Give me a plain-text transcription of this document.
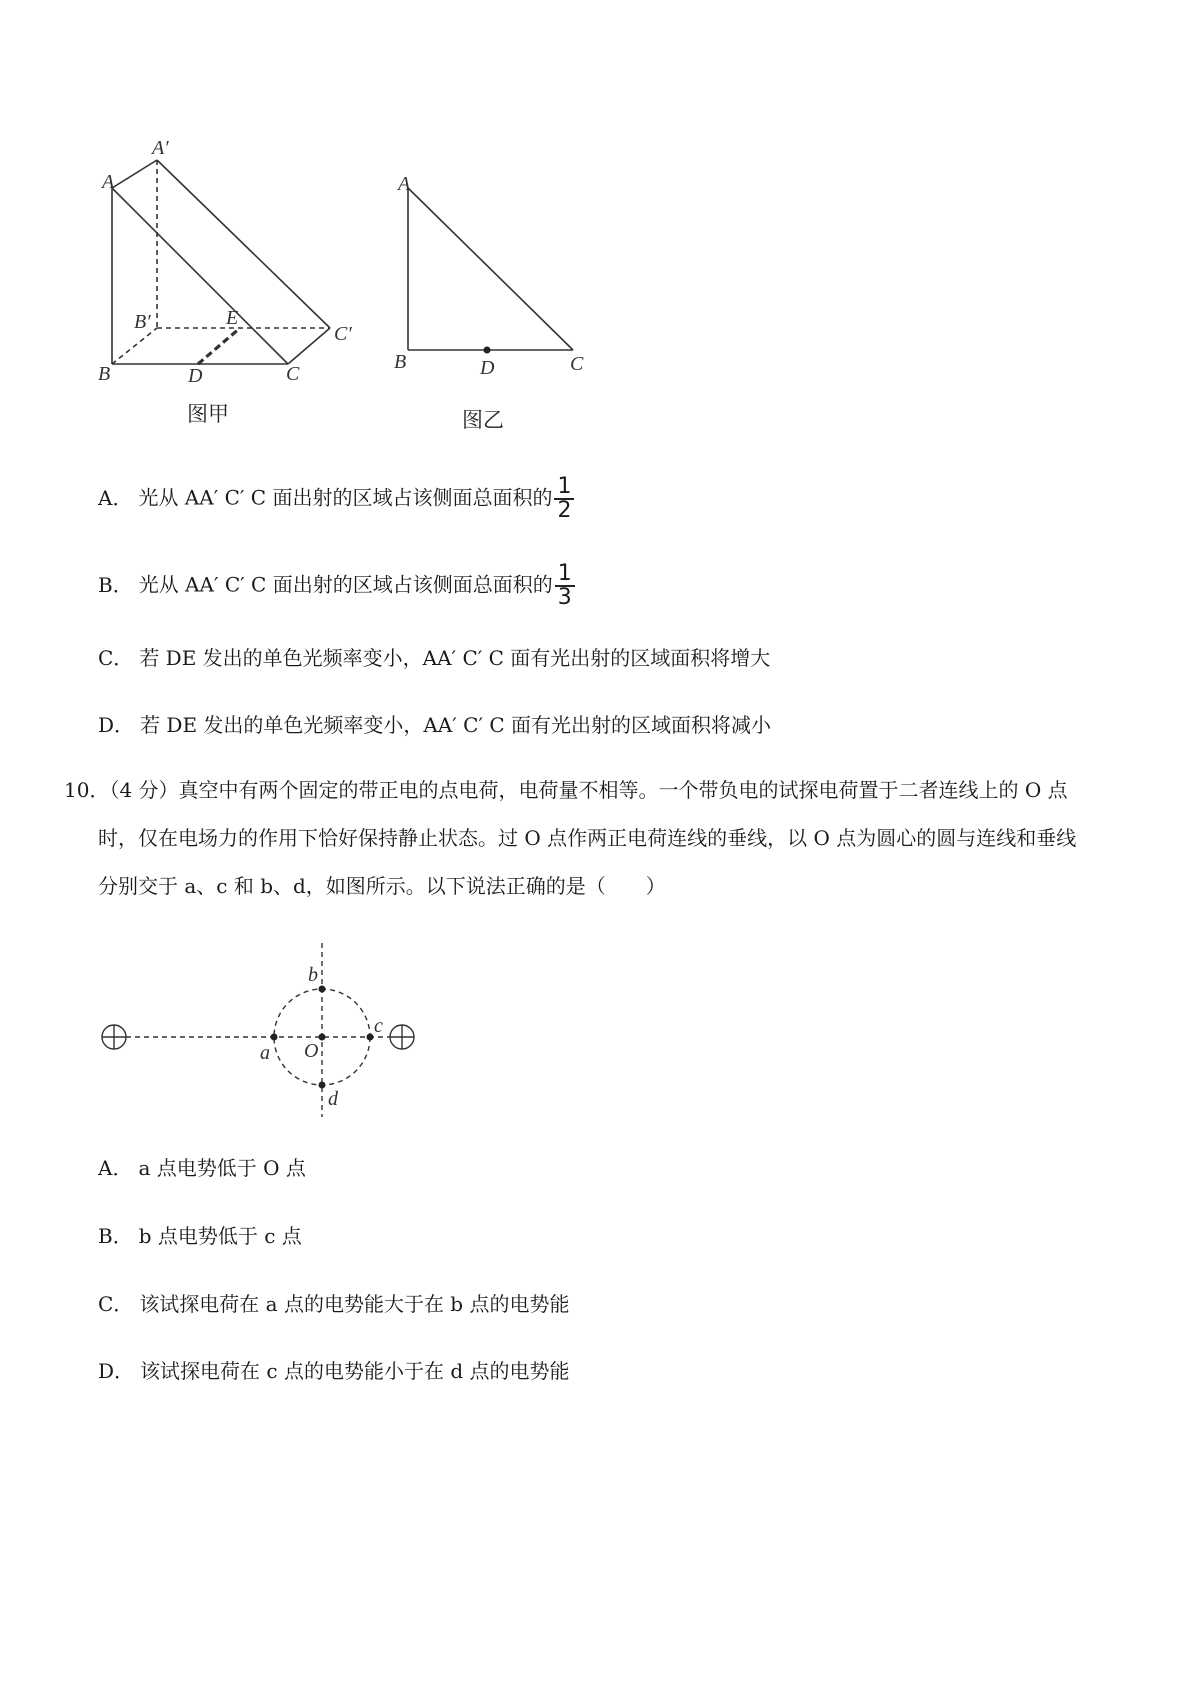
A
A′
B
B′
C
C′
D
E
图甲
A
B	C
D
图乙
A． 光从 AA′ C′ C 面出射的区域占该侧面总面积的 $\frac{1}{2}$
B． 光从 AA′ C′ C 面出射的区域占该侧面总面积的 $\frac{1}{3}$
C． 若 DE 发出的单色光频率变小，AA′ C′ C 面有光出射的区域面积将增大
D． 若 DE 发出的单色光频率变小，AA′ C′ C 面有光出射的区域面积将减小
10．（4 分）真空中有两个固定的带正电的点电荷，电荷量不相等。一个带负电的试探电荷置于二者连线上的 O 点
时，仅在电场力的作用下恰好保持静止状态。过 O 点作两正电荷连线的垂线，以 O 点为圆心的圆与连线和垂线
分别交于 a、c 和 b、d，如图所示。以下说法正确的是（　　）
a
c
b
d
O
A． a 点电势低于 O 点
B． b 点电势低于 c 点
C． 该试探电荷在 a 点的电势能大于在 b 点的电势能
D． 该试探电荷在 c 点的电势能小于在 d 点的电势能
